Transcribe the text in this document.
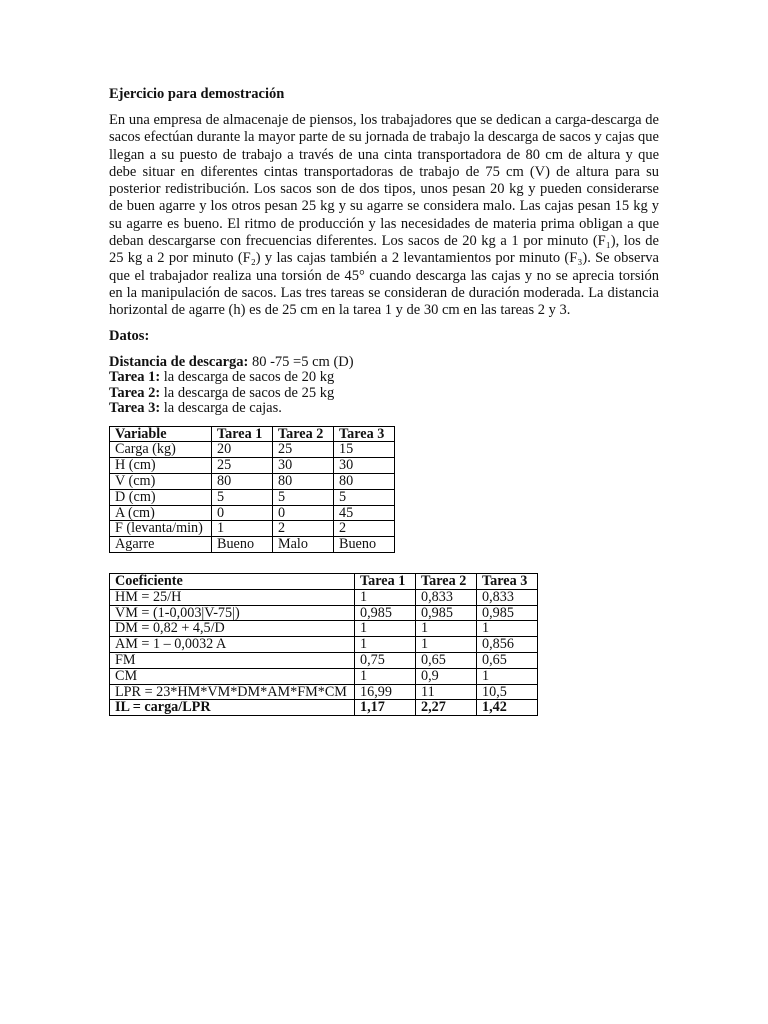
Ejercicio para demostración

En una empresa de almacenaje de piensos, los trabajadores que se dedican a carga-descarga de sacos efectúan durante la mayor parte de su jornada de trabajo la descarga de sacos y cajas que llegan a su puesto de trabajo a través de una cinta transportadora de 80 cm de altura y que debe situar en diferentes cintas transportadoras de trabajo de 75 cm (V) de altura para su posterior redistribución. Los sacos son de dos tipos, unos pesan 20 kg y pueden considerarse de buen agarre y los otros pesan 25 kg y su agarre se considera malo. Las cajas pesan 15 kg y su agarre es bueno. El ritmo de producción y las necesidades de materia prima obligan a que deban descargarse con frecuencias diferentes. Los sacos de 20 kg a 1 por minuto (F₁), los de 25 kg a 2 por minuto (F₂) y las cajas también a 2 levantamientos por minuto (F₃). Se observa que el trabajador realiza una torsión de 45° cuando descarga las cajas y no se aprecia torsión en la manipulación de sacos. Las tres tareas se consideran de duración moderada. La distancia horizontal de agarre (h) es de 25 cm en la tarea 1 y de 30 cm en las tareas 2 y 3.

Datos:
Distancia de descarga: 80 -75 =5 cm (D)
Tarea 1: la descarga de sacos de 20 kg
Tarea 2: la descarga de sacos de 25 kg
Tarea 3: la descarga de cajas.
Variable	Tarea 1	Tarea 2	Tarea 3
Carga (kg)	20	25	15
H (cm)	25	30	30
V (cm)	80	80	80
D (cm)	5	5	5
A (cm)	0	0	45
F (levanta/min)	1	2	2
Agarre	Bueno	Malo	Bueno
Coeficiente	Tarea 1	Tarea 2	Tarea 3
HM = 25/H	1	0,833	0,833
VM = (1-0,003|V-75|)	0,985	0,985	0,985
DM = 0,82 + 4,5/D	1	1	1
AM = 1 – 0,0032 A	1	1	0,856
FM	0,75	0,65	0,65
CM	1	0,9	1
LPR = 23*HM*VM*DM*AM*FM*CM	16,99	11	10,5
IL = carga/LPR	1,17	2,27	1,42
